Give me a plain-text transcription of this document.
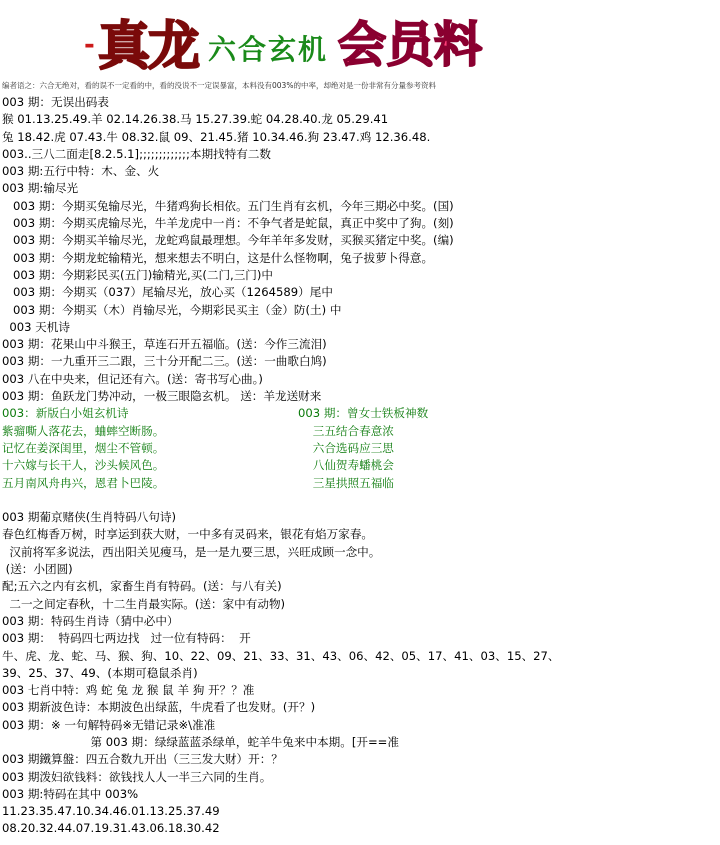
- 真龙 六合玄机 会员料
编者语之：六合无绝对，看的误不一定看的中，看的没说不一定误暴富，本料没有003%的中率，却绝对是一份非常有分量参考资料
003 期：无误出码表
猴 01.13.25.49.羊 02.14.26.38.马 15.27.39.蛇 04.28.40.龙 05.29.41
兔 18.42.虎 07.43.牛 08.32.鼠 09、21.45.猪 10.34.46.狗 23.47.鸡 12.36.48.
003..三八二面走[8.2.5.1];;;;;;;;;;;;;本期找特有二数
003 期:五行中特：木、金、火
003 期:输尽光
003 期：今期买兔输尽光，牛猪鸡狗长相依。五门生肖有玄机，今年三期必中奖。(国)
003 期：今期买虎输尽光，牛羊龙虎中一肖：不争气者是蛇鼠，真正中奖中了狗。(刻)
003 期：今期买羊输尽光，龙蛇鸡鼠最理想。今年羊年多发财，买猴买猪定中奖。(编)
003 期：今期龙蛇输精光，想来想去不明白，这是什么怪物啊，兔子拔萝卜得意。
003 期：今期彩民买(五门)输精光,买(二门,三门)中
003 期：今期买（037）尾输尽光，放心买（1264589）尾中
003 期：今期买（木）肖输尽光，今期彩民买主（金）防(土) 中
003 天机诗
003 期：花果山中斗猴王，草连石开五福临。(送：今作三流泪)
003 期：一九重开三二跟，三十分开配二三。(送：一曲歌白鸠)
003 八在中央来，但记还有六。(送：寄书写心曲。)
003 期：鱼跃龙门势冲动，一极三眼隐玄机。 送：羊龙送财来
003：新版白小姐玄机诗
紫骝嘶人落花去，蛐蟀空断肠。
记忆在姜深闺里，烟尘不管顿。
十六嫁与长干人，沙头候风色。
五月南风舟冉兴，恩君卜巴陵。
003 期：曾女士铁板神数
三五结合春意浓
六合选码应三思
八仙贺寿蟠桃会
三星拱照五福临
003 期葡京赌侠(生肖特码八句诗)
春色红梅香万树，时享运到获大财，一中多有灵码来，银花有焰万家春。
汉前将军多说法，西出阳关见瘦马，是一是九要三思，兴旺成顾一念中。
(送：小团圆)
配;五六之内有玄机，家畜生肖有特码。(送：与八有关)
二一之间定春秋，十二生肖最实际。(送：家中有动物)
003 期：特码生肖诗（猜中必中）
003 期：  特码四七两边找   过一位有特码：  开
牛、虎、龙、蛇、马、猴、狗、10、22、09、21、33、31、43、06、42、05、17、41、03、15、27、
39、25、37、49、(本期可稳鼠杀肖)
003 七肖中特：鸡 蛇 兔 龙 猴 鼠 羊 狗 开？？准
003 期新波色诗：本期波色出绿蓝，牛虎看了也发财。(开？)
003 期：※ 一句解特码※无错记录※\准准
第 003 期：绿绿蓝蓝杀绿单，蛇羊牛兔来中本期。[开==准
003 期鐵算盤：四五合数九开出（三三发大财）开：？
003 期泼妇欲钱料：欲钱找人人一半三六同的生肖。
003 期:特码在其中 003%
11.23.35.47.10.34.46.01.13.25.37.49
08.20.32.44.07.19.31.43.06.18.30.42
